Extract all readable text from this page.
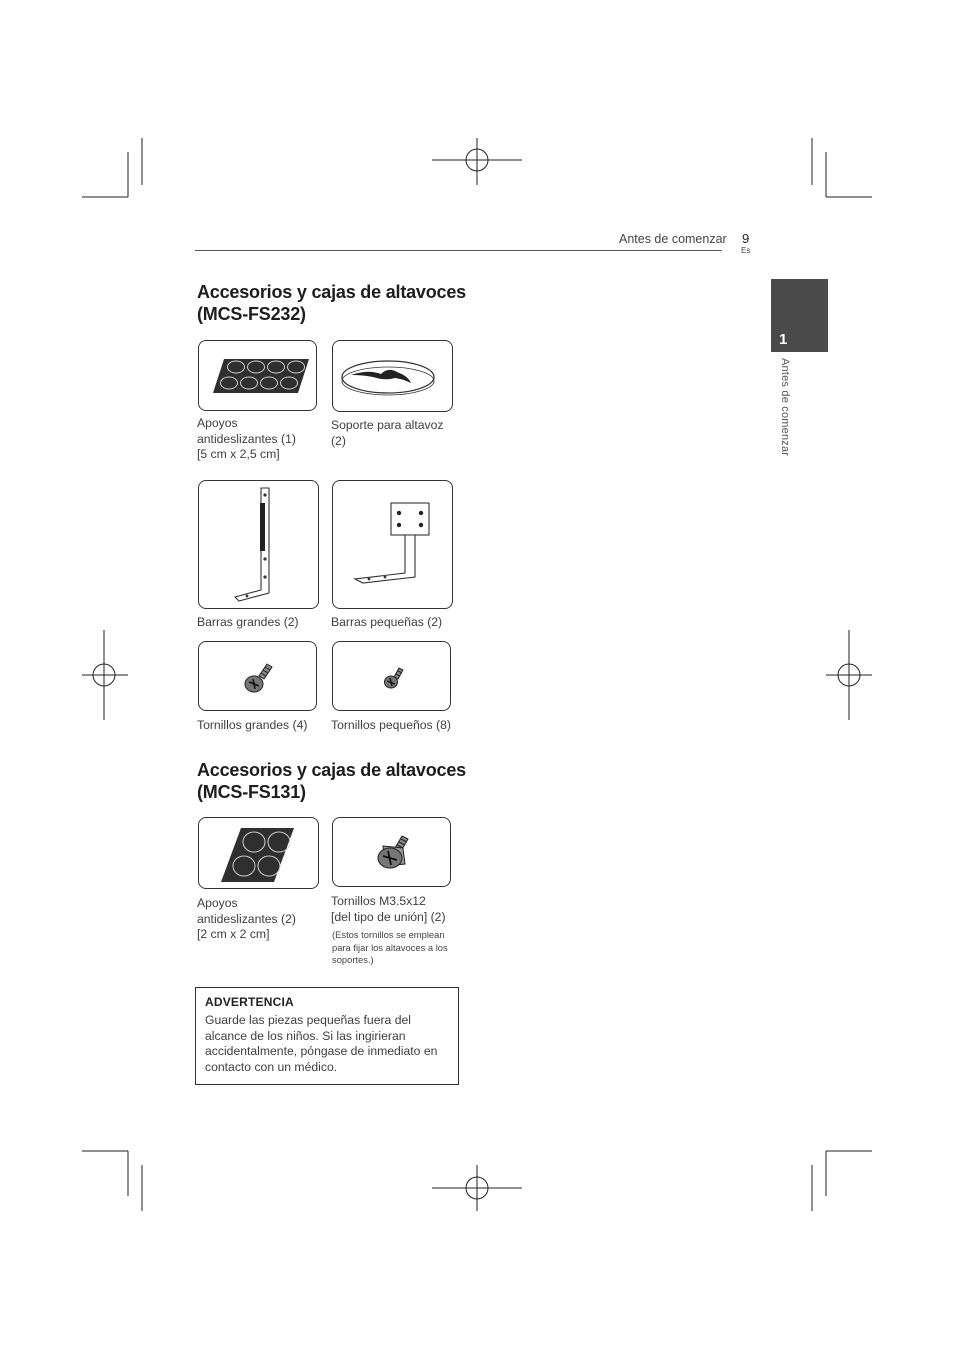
Antes de comenzar 9
Es
1
Antes de comenzar
Accesorios y cajas de altavoces
(MCS-FS232)
Apoyos
antideslizantes (1)
[5 cm x 2,5 cm]
Soporte para altavoz
(2)
Barras grandes (2)	Barras pequeñas (2)
Tornillos grandes (4) Tornillos pequeños (8)
Accesorios y cajas de altavoces
(MCS-FS131)
Apoyos
antideslizantes (2)
[2 cm x 2 cm]
Tornillos M3.5x12
[del tipo de unión] (2)
(Estos tornillos se emplean
para fijar los altavoces a los
soportes.)
ADVERTENCIA
Guarde las piezas pequeñas fuera del alcance de los niños. Si las ingirieran accidentalmente, póngase de inmediato en contacto con un médico.
